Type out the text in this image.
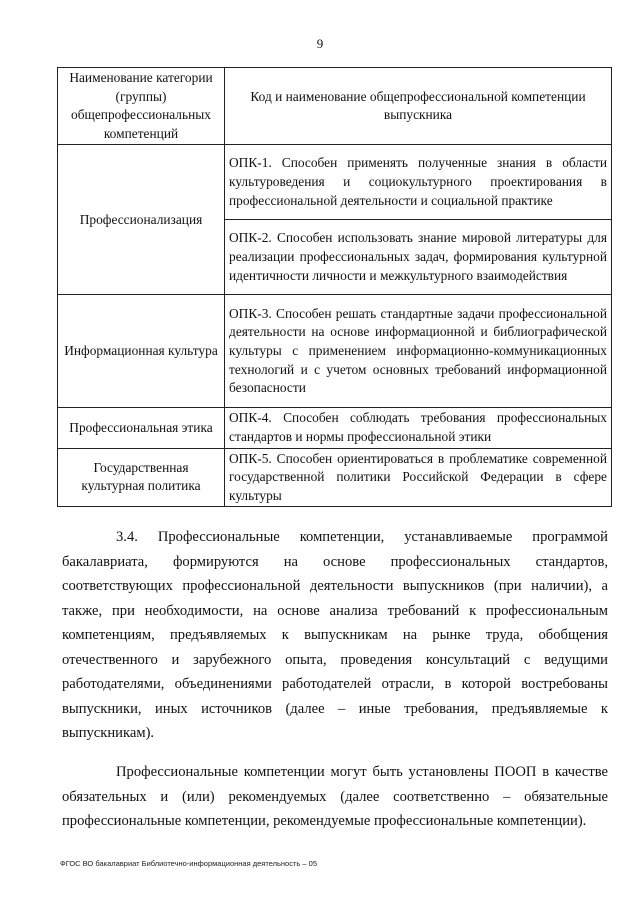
9
Наименование категории (группы) общепрофессиональных компетенций	Код и наименование общепрофессиональной компетенции выпускника
Профессионализация	ОПК-1. Способен применять полученные знания в области культуроведения и социокультурного проектирования в профессиональной деятельности и социальной практике
	ОПК-2. Способен использовать знание мировой литературы для реализации профессиональных задач, формирования культурной идентичности личности и межкультурного взаимодействия
Информационная культура	ОПК-3. Способен решать стандартные задачи профессиональной деятельности на основе информационной и библиографической культуры с применением информационно-коммуникационных технологий и с учетом основных требований информационной безопасности
Профессиональная этика	ОПК-4. Способен соблюдать требования профессиональных стандартов и нормы профессиональной этики
Государственная культурная политика	ОПК-5. Способен ориентироваться в проблематике современной государственной политики Российской Федерации в сфере культуры

3.4. Профессиональные компетенции, устанавливаемые программой бакалавриата, формируются на основе профессиональных стандартов, соответствующих профессиональной деятельности выпускников (при наличии), а также, при необходимости, на основе анализа требований к профессиональным компетенциям, предъявляемых к выпускникам на рынке труда, обобщения отечественного и зарубежного опыта, проведения консультаций с ведущими работодателями, объединениями работодателей отрасли, в которой востребованы выпускники, иных источников (далее – иные требования, предъявляемые к выпускникам).

Профессиональные компетенции могут быть установлены ПООП в качестве обязательных и (или) рекомендуемых (далее соответственно – обязательные профессиональные компетенции, рекомендуемые профессиональные компетенции).

ФГОС ВО бакалавриат Библиотечно-информационная деятельность – 05
